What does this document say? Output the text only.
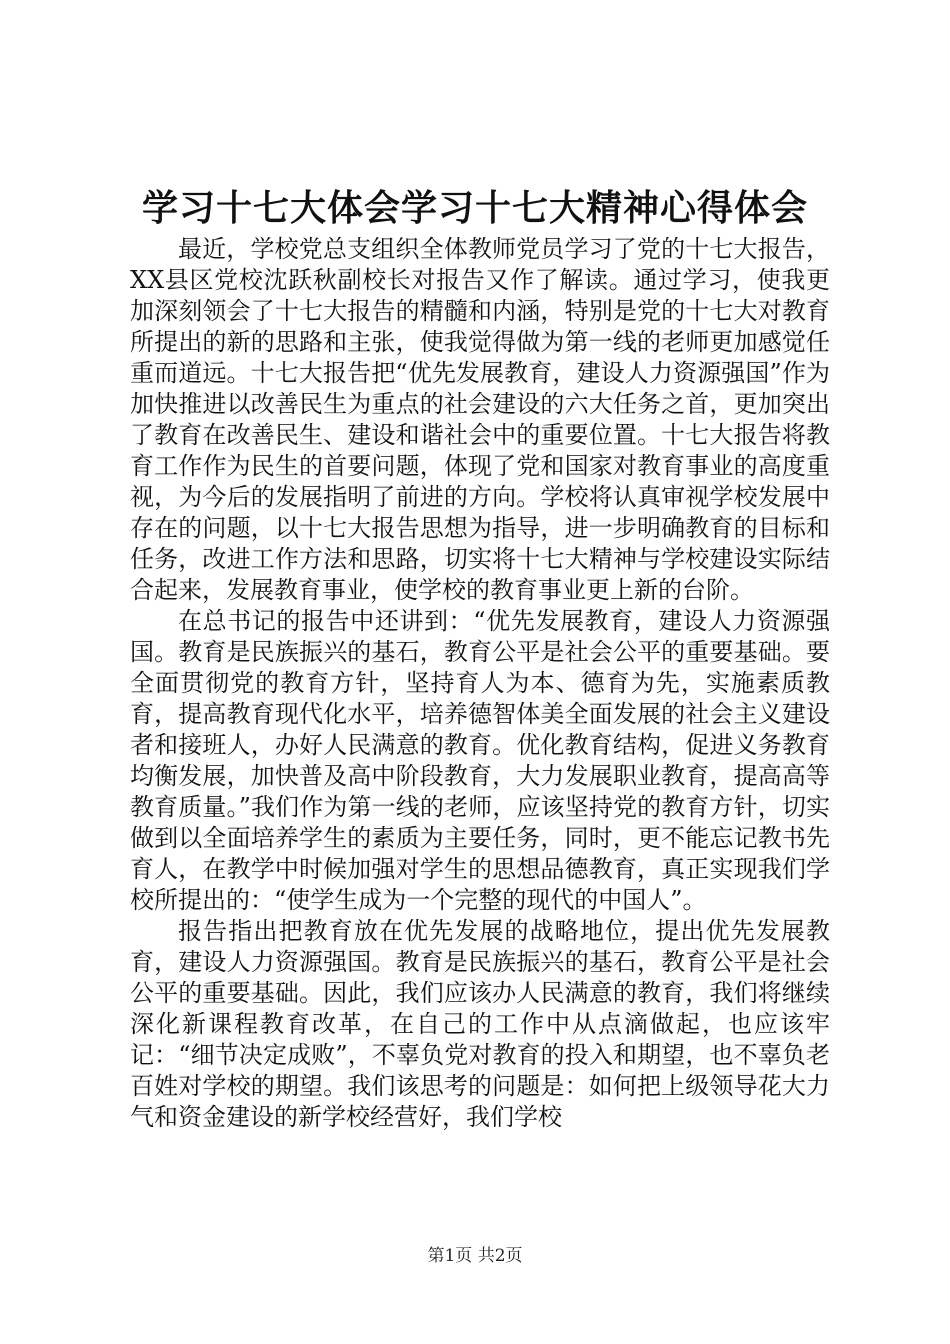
学习十七大体会学习十七大精神心得体会

最近，学校党总支组织全体教师党员学习了党的十七大报告，XX县区党校沈跃秋副校长对报告又作了解读。通过学习，使我更加深刻领会了十七大报告的精髓和内涵，特别是党的十七大对教育所提出的新的思路和主张，使我觉得做为第一线的老师更加感觉任重而道远。十七大报告把“优先发展教育，建设人力资源强国”作为加快推进以改善民生为重点的社会建设的六大任务之首，更加突出了教育在改善民生、建设和谐社会中的重要位置。十七大报告将教育工作作为民生的首要问题，体现了党和国家对教育事业的高度重视，为今后的发展指明了前进的方向。学校将认真审视学校发展中存在的问题，以十七大报告思想为指导，进一步明确教育的目标和任务，改进工作方法和思路，切实将十七大精神与学校建设实际结合起来，发展教育事业，使学校的教育事业更上新的台阶。

在总书记的报告中还讲到：“优先发展教育，建设人力资源强国。教育是民族振兴的基石，教育公平是社会公平的重要基础。要全面贯彻党的教育方针，坚持育人为本、德育为先，实施素质教育，提高教育现代化水平，培养德智体美全面发展的社会主义建设者和接班人，办好人民满意的教育。优化教育结构，促进义务教育均衡发展，加快普及高中阶段教育，大力发展职业教育，提高高等教育质量。”我们作为第一线的老师，应该坚持党的教育方针，切实做到以全面培养学生的素质为主要任务，同时，更不能忘记教书先育人，在教学中时候加强对学生的思想品德教育，真正实现我们学校所提出的：“使学生成为一个完整的现代的中国人”。

报告指出把教育放在优先发展的战略地位，提出优先发展教育，建设人力资源强国。教育是民族振兴的基石，教育公平是社会公平的重要基础。因此，我们应该办人民满意的教育，我们将继续深化新课程教育改革，在自己的工作中从点滴做起，也应该牢记：“细节决定成败”，不辜负党对教育的投入和期望，也不辜负老百姓对学校的期望。我们该思考的问题是：如何把上级领导花大力气和资金建设的新学校经营好，我们学校

第1页 共2页
